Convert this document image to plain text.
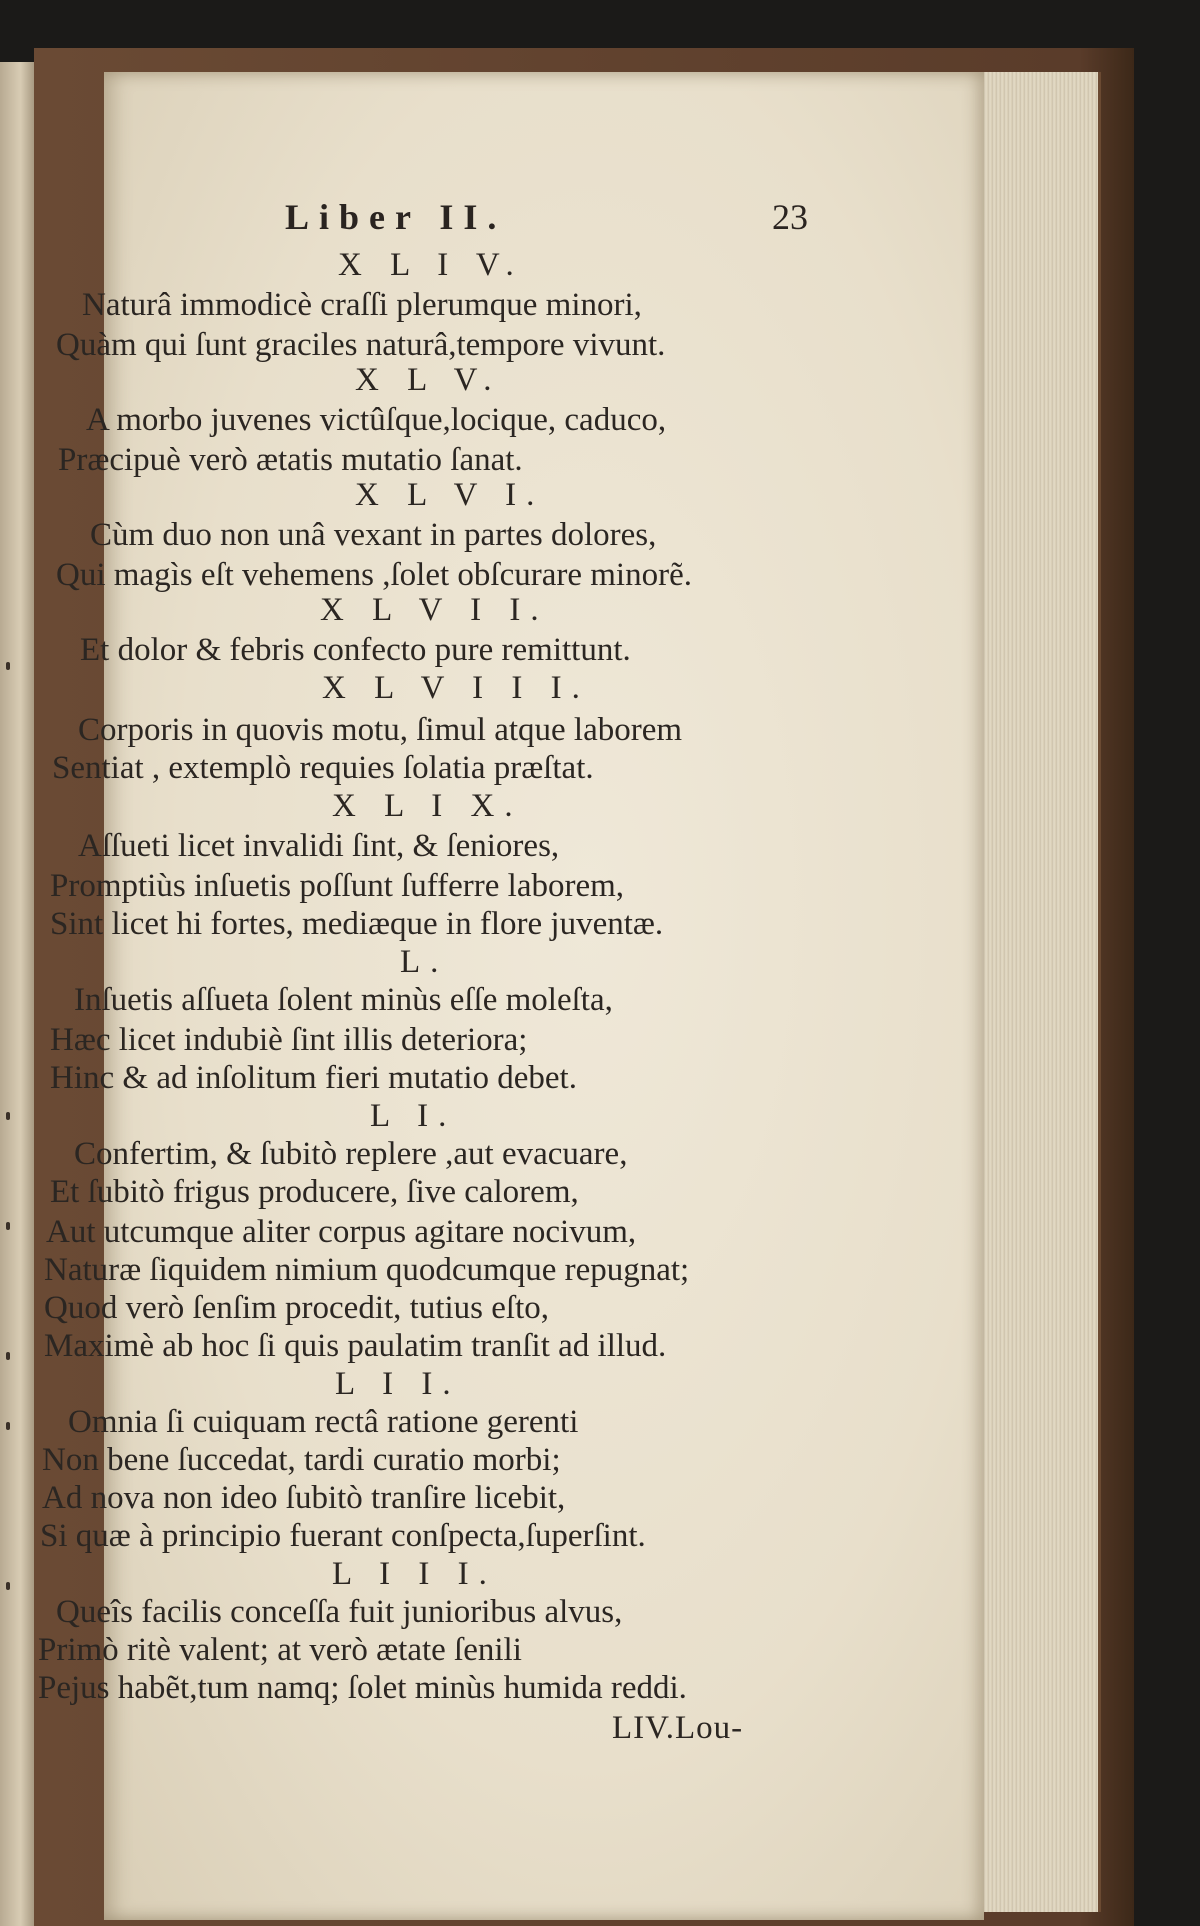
Liber II.	23
X L I V.
Naturâ immodicè craſſi plerumque minori,
Quàm qui ſunt graciles naturâ,tempore vivunt.
X L V.
A morbo juvenes victûſque,locique, caduco,
Præcipuè verò ætatis mutatio ſanat.
X L V I.
Cùm duo non unâ vexant in partes dolores,
Qui magìs eſt vehemens ,ſolet obſcurare minorẽ.
X L V I I.
Et dolor & febris confecto pure remittunt.
X L V I I I.
Corporis in quovis motu, ſimul atque laborem
Sentiat , extemplò requies ſolatia præſtat.
X L I X.
Aſſueti licet invalidi ſint, & ſeniores,
Promptiùs inſuetis poſſunt ſufferre laborem,
Sint licet hi fortes, mediæque in flore juventæ.
L.
Inſuetis aſſueta ſolent minùs eſſe moleſta,
Hæc licet indubiè ſint illis deteriora;
Hinc & ad inſolitum fieri mutatio debet.
L I.
Confertim, & ſubitò replere ,aut evacuare,
Et ſubitò frigus producere, ſive calorem,
Aut utcumque aliter corpus agitare nocivum,
Naturæ ſiquidem nimium quodcumque repugnat;
Quod verò ſenſim procedit, tutius eſto,
Maximè ab hoc ſi quis paulatim tranſit ad illud.
L I I.
Omnia ſi cuiquam rectâ ratione gerenti
Non bene ſuccedat, tardi curatio morbi;
Ad nova non ideo ſubitò tranſire licebit,
Si quæ à principio fuerant conſpecta,ſuperſint.
L I I I.
Queîs facilis conceſſa fuit junioribus alvus,
Primò ritè valent; at verò ætate ſenili
Pejus habẽt,tum namq; ſolet minùs humida reddi.
LIV.Lou-
